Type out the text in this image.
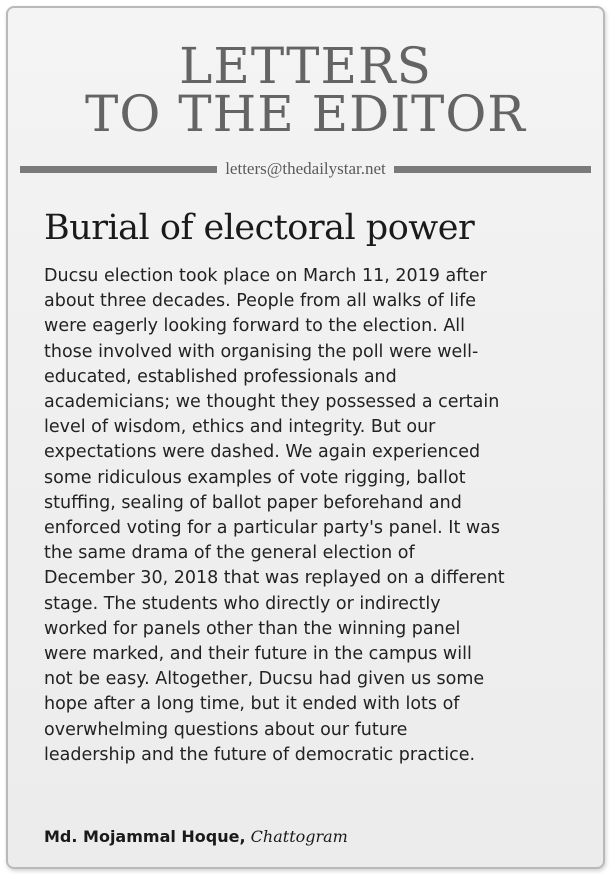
LETTERS
TO THE EDITOR
letters@thedailystar.net
Burial of electoral power
Ducsu election took place on March 11, 2019 after
about three decades. People from all walks of life
were eagerly looking forward to the election. All
those involved with organising the poll were well-
educated, established professionals and
academicians; we thought they possessed a certain
level of wisdom, ethics and integrity. But our
expectations were dashed. We again experienced
some ridiculous examples of vote rigging, ballot
stuffing, sealing of ballot paper beforehand and
enforced voting for a particular party's panel. It was
the same drama of the general election of
December 30, 2018 that was replayed on a different
stage. The students who directly or indirectly
worked for panels other than the winning panel
were marked, and their future in the campus will
not be easy. Altogether, Ducsu had given us some
hope after a long time, but it ended with lots of
overwhelming questions about our future
leadership and the future of democratic practice.
Md. Mojammal Hoque, Chattogram
